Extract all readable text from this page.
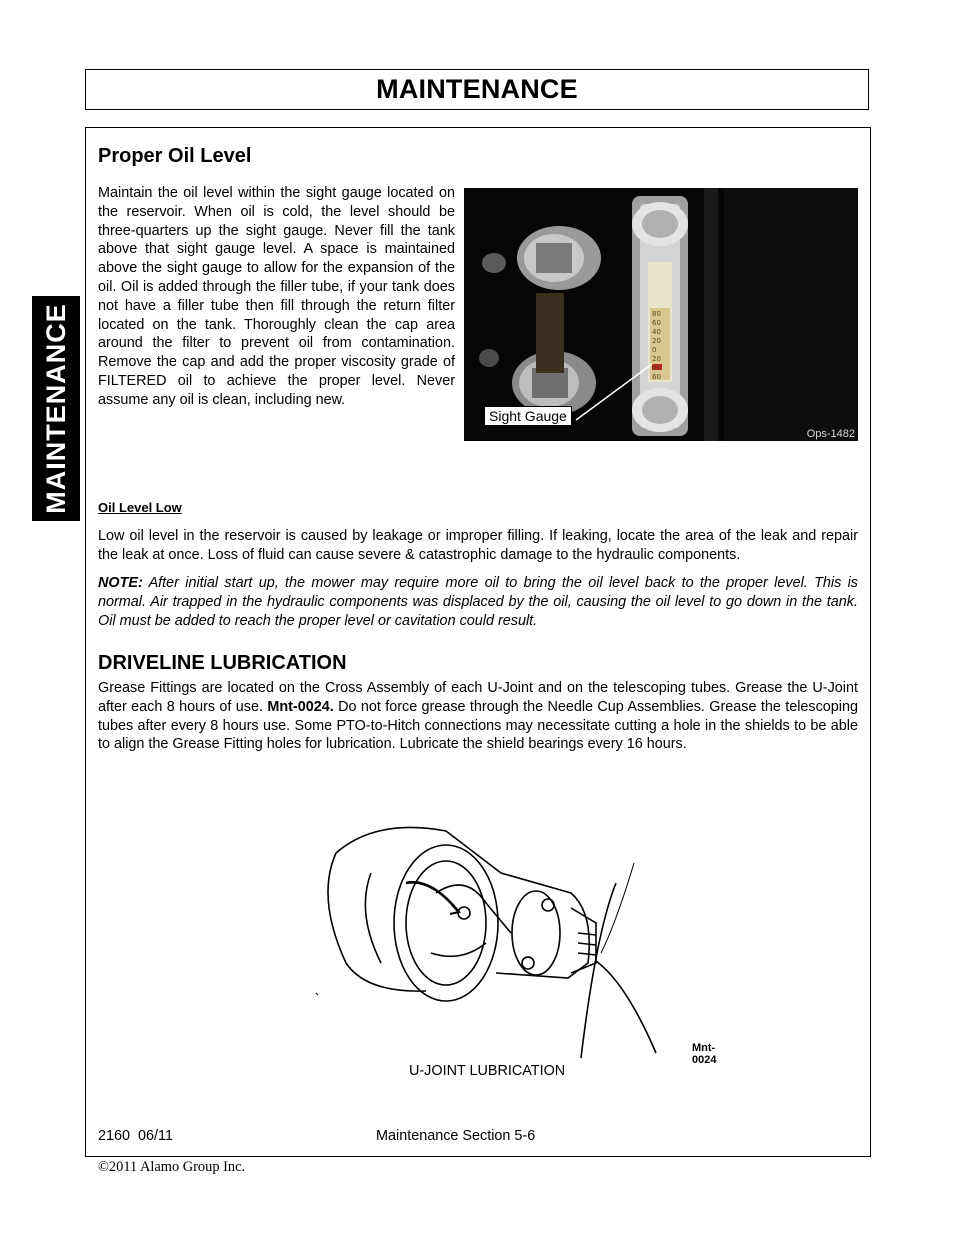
MAINTENANCE
MAINTENANCE
Proper Oil Level

Maintain the oil level within the sight gauge located on the reservoir. When oil is cold, the level should be three-quarters up the sight gauge. Never fill the tank above that sight gauge level. A space is maintained above the sight gauge to allow for the expansion of the oil. Oil is added through the filler tube, if your tank does not have a filler tube then fill through the return filter located on the tank. Thoroughly clean the cap area around the filter to prevent oil from contamination. Remove the cap and add the proper viscosity grade of FILTERED oil to achieve the proper level. Never assume any oil is clean, including new.

80
60
40
20
0
20
40
60
Sight Gauge
Ops-1482

Oil Level Low

Low oil level in the reservoir is caused by leakage or improper filling. If leaking, locate the area of the leak and repair the leak at once. Loss of fluid can cause severe & catastrophic damage to the hydraulic components.

NOTE: After initial start up, the mower may require more oil to bring the oil level back to the proper level. This is normal. Air trapped in the hydraulic components was displaced by the oil, causing the oil level to go down in the tank. Oil must be added to reach the proper level or cavitation could result.

DRIVELINE LUBRICATION

Grease Fittings are located on the Cross Assembly of each U-Joint and on the telescoping tubes. Grease the U-Joint after each 8 hours of use. Mnt-0024. Do not force grease through the Needle Cup Assemblies. Grease the telescoping tubes after every 8 hours use. Some PTO-to-Hitch connections may necessitate cutting a hole in the shields to be able to align the Grease Fitting holes for lubrication. Lubricate the shield bearings every 16 hours.

Mnt-0024
U-JOINT LUBRICATION
2160  06/11	Maintenance Section 5-6
©2011 Alamo Group Inc.
